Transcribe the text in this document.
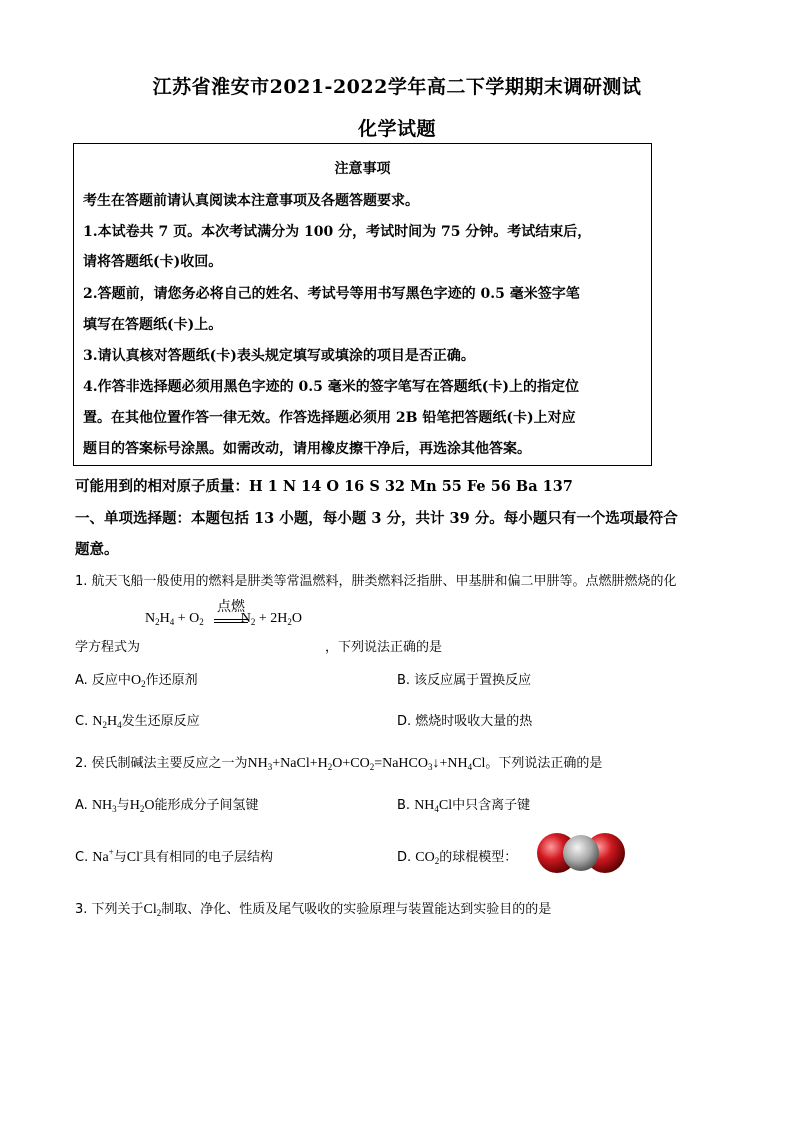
江苏省淮安市2021-2022学年高二下学期期末调研测试
化学试题
注意事项
考生在答题前请认真阅读本注意事项及各题答题要求。
1.本试卷共 7 页。本次考试满分为 100 分，考试时间为 75 分钟。考试结束后，
请将答题纸(卡)收回。
2.答题前，请您务必将自己的姓名、考试号等用书写黑色字迹的 0.5 毫米签字笔
填写在答题纸(卡)上。
3.请认真核对答题纸(卡)表头规定填写或填涂的项目是否正确。
4.作答非选择题必须用黑色字迹的 0.5 毫米的签字笔写在答题纸(卡)上的指定位
置。在其他位置作答一律无效。作答选择题必须用 2B 铅笔把答题纸(卡)上对应
题目的答案标号涂黑。如需改动，请用橡皮擦干净后，再选涂其他答案。
可能用到的相对原子质量：H 1 N 14 O 16 S 32 Mn 55 Fe 56 Ba 137
一、单项选择题：本题包括 13 小题，每小题 3 分，共计 39 分。每小题只有一个选项最符合
题意。
1. 航天飞船一般使用的燃料是肼类等常温燃料，肼类燃料泛指肼、甲基肼和偏二甲肼等。点燃肼燃烧的化
点燃
$N_2H_4 + O_2$	$N_2 + 2H_2O$
学方程式为	，下列说法正确的是
A. 反应中$O_2$作还原剂	B. 该反应属于置换反应
C. $N_2H_4$发生还原反应	D. 燃烧时吸收大量的热
2. 侯氏制碱法主要反应之一为$NH_3+NaCl+H_2O+CO_2=NaHCO_3↓+NH_4Cl$。下列说法正确的是
A. $NH_3$与$H_2O$能形成分子间氢键	B. $NH_4Cl$中只含离子键
C. Na+与Cl-具有相同的电子层结构	D. $CO_2$的球棍模型：
3. 下列关于$Cl_2$制取、净化、性质及尾气吸收的实验原理与装置能达到实验目的的是
